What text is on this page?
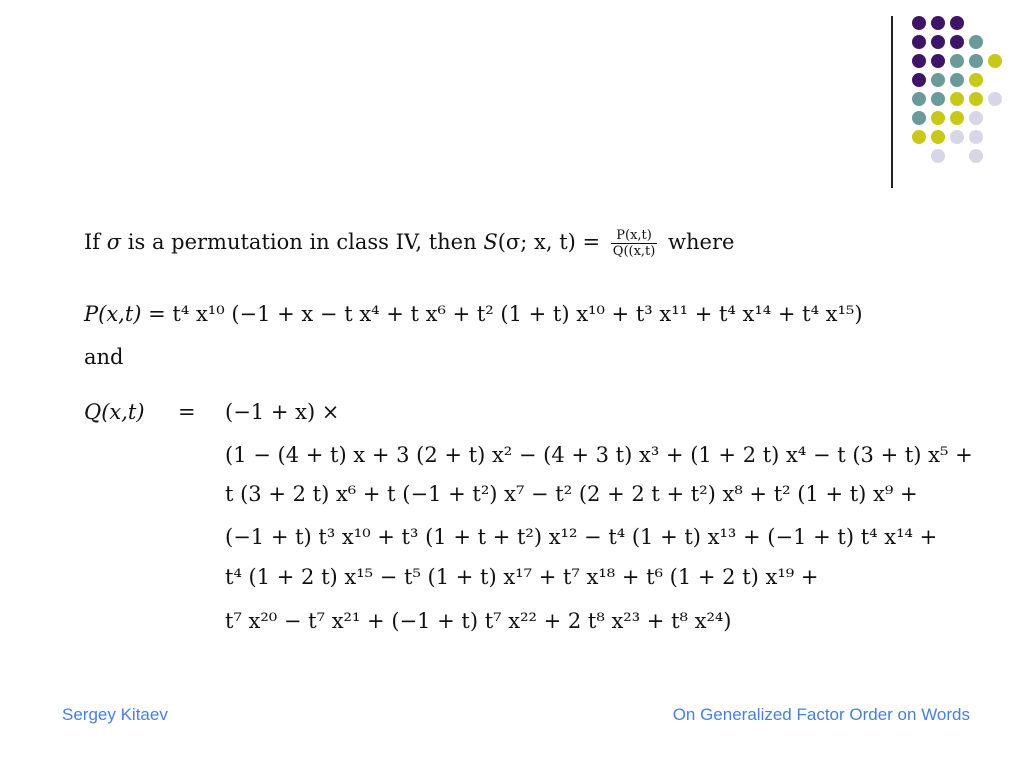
If σ is a permutation in class IV, then S(σ; x, $t) = \frac{P(x,t)}{Q((x,t)}$ where
P(x,t) = t⁴ x¹⁰ (−1 + x − t x⁴ + t x⁶ + t² (1 + t) x¹⁰ + t³ x¹¹ + t⁴ x¹⁴ + t⁴ x¹⁵)
and
Q(x,t) = (−1 + x) ×
(1 − (4 + t) x + 3 (2 + t) x² − (4 + 3 t) x³ + (1 + 2 t) x⁴ − t (3 + t) x⁵ +
t (3 + 2 t) x⁶ + t (−1 + t²) x⁷ − t² (2 + 2 t + t²) x⁸ + t² (1 + t) x⁹ +
(−1 + t) t³ x¹⁰ + t³ (1 + t + t²) x¹² − t⁴ (1 + t) x¹³ + (−1 + t) t⁴ x¹⁴ +
t⁴ (1 + 2 t) x¹⁵ − t⁵ (1 + t) x¹⁷ + t⁷ x¹⁸ + t⁶ (1 + 2 t) x¹⁹ +
t⁷ x²⁰ − t⁷ x²¹ + (−1 + t) t⁷ x²² + 2 t⁸ x²³ + t⁸ x²⁴)
Sergey Kitaev	On Generalized Factor Order on Words
